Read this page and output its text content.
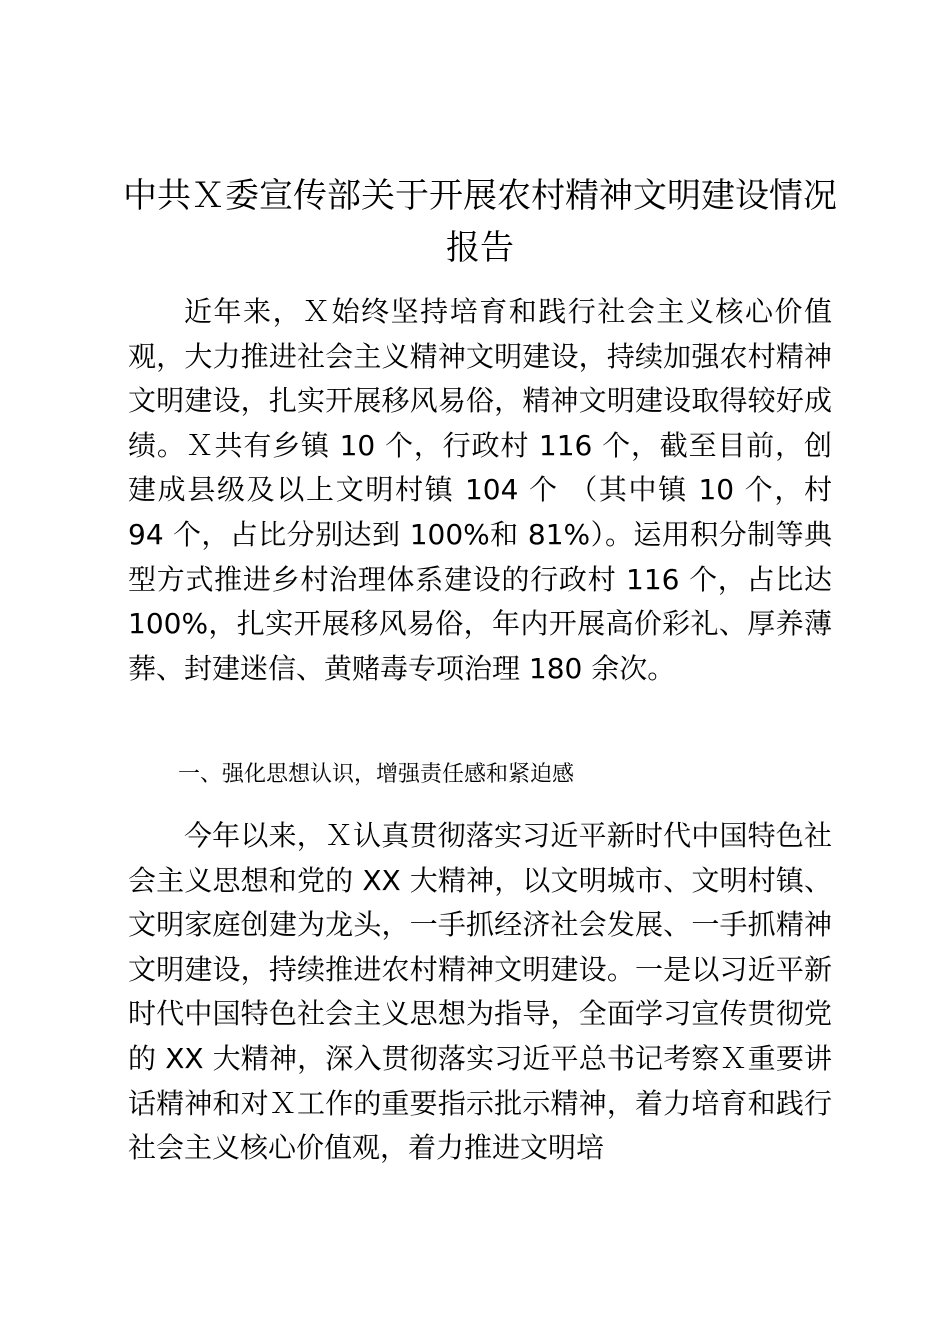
中共Ｘ委宣传部关于开展农村精神文明建设情况报告

近年来，Ｘ始终坚持培育和践行社会主义核心价值观，大力推进社会主义精神文明建设，持续加强农村精神文明建设，扎实开展移风易俗，精神文明建设取得较好成绩。Ｘ共有乡镇 10 个，行政村 116 个，截至目前，创建成县级及以上文明村镇 104 个 （其中镇 10 个，村 94 个，占比分别达到 100%和 81%）。运用积分制等典型方式推进乡村治理体系建设的行政村 116 个，占比达 100%，扎实开展移风易俗，年内开展高价彩礼、厚养薄葬、封建迷信、黄赌毒专项治理 180 余次。

一、强化思想认识，增强责任感和紧迫感

今年以来，Ｘ认真贯彻落实习近平新时代中国特色社会主义思想和党的 XX 大精神，以文明城市、文明村镇、文明家庭创建为龙头，一手抓经济社会发展、一手抓精神文明建设，持续推进农村精神文明建设。一是以习近平新时代中国特色社会主义思想为指导，全面学习宣传贯彻党的 XX 大精神，深入贯彻落实习近平总书记考察Ｘ重要讲话精神和对Ｘ工作的重要指示批示精神，着力培育和践行社会主义核心价值观，着力推进文明培
